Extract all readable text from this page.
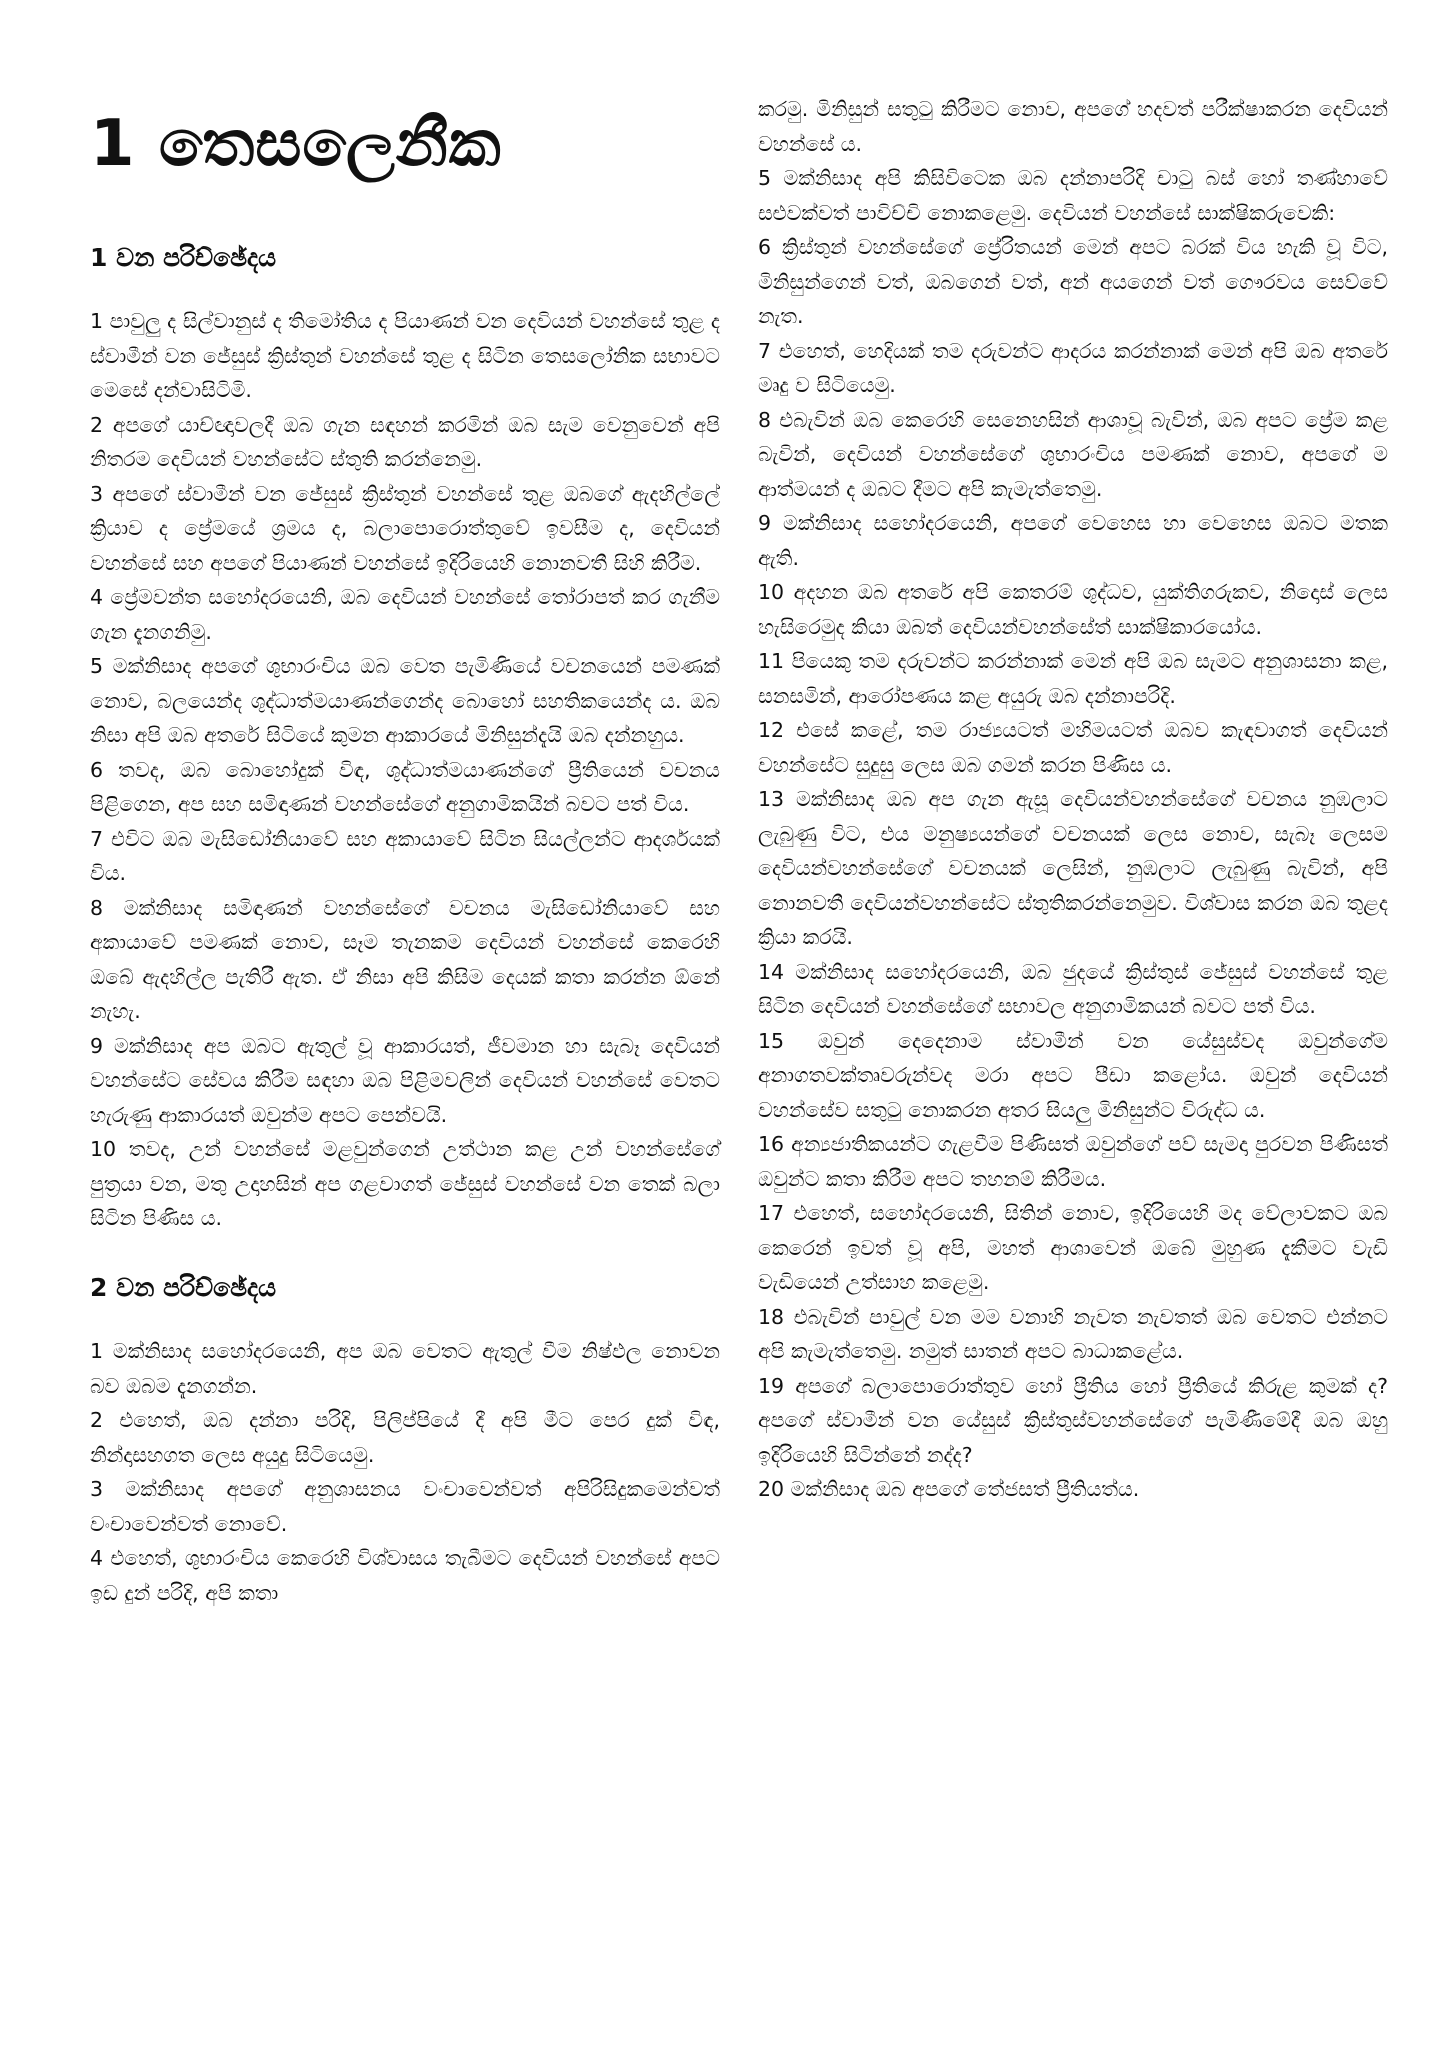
1 තෙසලෙනීක
1 වන පරිච්ඡේදය

1 පාවුලු ද සිල්වානුස් ද තිමෝතිය ද පියාණන් වන දෙවියන් වහන්සේ තුළ ද ස්වාමීන් වන ජේසුස් ක්‍රිස්තුන් වහන්සේ තුළ ද සිටින තෙසලෝනික සභාවට මෙසේ දන්වාසිටිමි.

2 අපගේ යාච්ඥාවලදී ඔබ ගැන සඳහන් කරමින් ඔබ සැම වෙනුවෙන් අපි නිතරම දෙවියන් වහන්සේට ස්තුති කරන්නෙමු.

3 අපගේ ස්වාමීන් වන ජේසුස් ක්‍රිස්තුන් වහන්සේ තුළ ඔබගේ ඇදහිල්ලේ ක්‍රියාව ද ප්‍රේමයේ ශ්‍රමය ද, බලාපොරොත්තුවේ ඉවසීම ද, දෙවියන් වහන්සේ සහ අපගේ පියාණන් වහන්සේ ඉදිරියෙහි නොනවතී සිහි කිරීම.

4 ප්‍රේමවන්ත සහෝදරයෙනි, ඔබ දෙවියන් වහන්සේ තෝරාපත් කර ගැනීම ගැන දැනගනිමු.

5 මක්නිසාද අපගේ ශුභාරංචිය ඔබ වෙත පැමිණියේ වචනයෙන් පමණක් නොව, බලයෙන්ද ශුද්ධාත්මයාණන්ගෙන්ද බොහෝ සහතිකයෙන්ද ය. ඔබ නිසා අපි ඔබ අතරේ සිටියේ කුමන ආකාරයේ මිනිසුන්දැයි ඔබ දන්නහුය.

6 තවද, ඔබ බොහෝදුක් විඳ, ශුද්ධාත්මයාණන්ගේ ප්‍රීතියෙන් වචනය පිළිගෙන, අප සහ සමිඳාණන් වහන්සේගේ අනුගාමිකයින් බවට පත් විය.

7 එවිට ඔබ මැසිඩෝනියාවේ සහ අකායාවේ සිටින සියල්ලන්ට ආදර්ශයක් විය.

8 මක්නිසාද සමිඳාණන් වහන්සේගේ වචනය මැසිඩෝනියාවේ සහ අකායාවේ පමණක් නොව, සෑම තැනකම දෙවියන් වහන්සේ කෙරෙහි ඔබේ ඇදහිල්ල පැතිරී ඇත. ඒ නිසා අපි කිසිම දෙයක් කතා කරන්න ඕනේ නැහැ.

9 මක්නිසාද අප ඔබට ඇතුල් වූ ආකාරයත්, ජීවමාන හා සැබෑ දෙවියන් වහන්සේට සේවය කිරීම සඳහා ඔබ පිළිමවලින් දෙවියන් වහන්සේ වෙතට හැරුණු ආකාරයත් ඔවුන්ම අපට පෙන්වයි.

10 තවද, උන් වහන්සේ මළවුන්ගෙන් උත්ථාන කළ උන් වහන්සේගේ පුත්‍රයා වන, මතු උදාහසින් අප ගළවාගත් ජේසුස් වහන්සේ වන තෙක් බලා සිටින පිණිස ය.

2 වන පරිච්ඡේදය

1 මක්නිසාද සහෝදරයෙනි, අප ඔබ වෙතට ඇතුල් වීම නිෂ්ඵල නොවන බව ඔබම දැනගන්න.

2 එහෙත්, ඔබ දන්නා පරිදි, පිලිප්පියේ දී අපි මීට පෙර දුක් විඳ, නින්දාසහගත ලෙස අයුදු සිටියෙමු.

3 මක්නිසාද අපගේ අනුශාසනය වංචාවෙන්වත් අපිරිසිදුකමෙන්වත් වංචාවෙන්වත් නොවේ.

4 එහෙත්, ශුභාරංචිය කෙරෙහි විශ්වාසය තැබීමට දෙවියන් වහන්සේ අපට ඉඩ දුන් පරිදි, අපි කතා

කරමු. මිනිසුන් සතුටු කිරීමට නොව, අපගේ හදවත් පරීක්ෂාකරන දෙවියන් වහන්සේ ය.

5 මක්නිසාද අපි කිසිවිටෙක ඔබ දන්නාපරිදි චාටු බස් හෝ තණ්හාවේ සළුවක්වත් පාවිච්චි නොකළෙමු. දෙවියන් වහන්සේ සාක්ෂිකරුවෙකි:

6 ක්‍රිස්තුන් වහන්සේගේ ප්‍රේරිතයන් මෙන් අපට බරක් විය හැකි වූ විට, මිනිසුන්ගෙන් වත්, ඔබගෙන් වත්, අන් අයගෙන් වත් ගෞරවය සෙව්වේ නැත.

7 එහෙත්, හෙදියක් තම දරුවන්ට ආදරය කරන්නාක් මෙන් අපි ඔබ අතරේ මෘදු ව සිටියෙමු.

8 එබැවින් ඔබ කෙරෙහි සෙනෙහසින් ආශාවූ බැවින්, ඔබ අපට ප්‍රේම කළ බැවින්, දෙවියන් වහන්සේගේ ශුභාරංචිය පමණක් නොව, අපගේ ම ආත්මයන් ද ඔබට දීමට අපි කැමැත්තෙමු.

9 මක්නිසාද සහෝදරයෙනි, අපගේ වෙහෙස හා වෙහෙස ඔබට මතක ඇති.

10 අදහන ඔබ අතරේ අපි කෙතරම් ශුද්ධව, යුක්තිගරුකව, නිදොස් ලෙස හැසිරෙමුද කියා ඔබත් දෙවියන්වහන්සේත් සාක්ෂිකාරයෝය.

11 පියෙකු තම දරුවන්ට කරන්නාක් මෙන් අපි ඔබ සැමට අනුශාසනා කළ, සනසමින්, ආරෝපණය කළ අයුරු ඔබ දන්නාපරිදි.

12 එසේ කළේ, තම රාජ්‍යයටත් මහිමයටත් ඔබව කැඳවාගත් දෙවියන් වහන්සේට සුදුසු ලෙස ඔබ ගමන් කරන පිණිස ය.

13 මක්නිසාද ඔබ අප ගැන ඇසූ දෙවියන්වහන්සේගේ වචනය නුඹලාට ලැබුණු විට, එය මනුෂ්‍යයන්ගේ වචනයක් ලෙස නොව, සැබෑ ලෙසම දෙවියන්වහන්සේගේ වචනයක් ලෙසින්, නුඹලාට ලැබුණු බැවින්, අපි නොනවතී දෙවියන්වහන්සේට ස්තුතිකරන්නෙමුව. විශ්වාස කරන ඔබ තුළද ක්‍රියා කරයි.

14 මක්නිසාද සහෝදරයෙනි, ඔබ ජුදයේ ක්‍රිස්තුස් ජේසුස් වහන්සේ තුළ සිටින දෙවියන් වහන්සේගේ සභාවල අනුගාමිකයන් බවට පත් විය.

15 ඔවුන් දෙදෙනාම ස්වාමීන් වන යේසුස්වද ඔවුන්ගේම අනාගතවක්තෘවරුන්වද මරා අපට පීඩා කළෝය. ඔවුන් දෙවියන් වහන්සේව සතුටු නොකරන අතර සියලු මිනිසුන්ට විරුද්ධ ය.

16 අන්‍යජාතිකයන්ට ගැළවීම පිණිසත් ඔවුන්ගේ පව් සැමදා පුරවන පිණිසත් ඔවුන්ට කතා කිරීම අපට තහනම් කිරීමය.

17 එහෙත්, සහෝදරයෙනි, සිතින් නොව, ඉදිරියෙහි මද වේලාවකට ඔබ කෙරෙන් ඉවත් වූ අපි, මහත් ආශාවෙන් ඔබේ මුහුණ දැකීමට වැඩි වැඩියෙන් උත්සාහ කළෙමු.

18 එබැවින් පාවුල් වන මම වනාහි නැවත නැවතත් ඔබ වෙතට එන්නට අපි කැමැත්තෙමු. නමුත් සාතන් අපට බාධාකළේය.

19 අපගේ බලාපොරොත්තුව හෝ ප්‍රීතිය හෝ ප්‍රීතියේ කිරුළ කුමක් ද? අපගේ ස්වාමීන් වන යේසුස් ක්‍රිස්තුස්වහන්සේගේ පැමිණීමේදී ඔබ ඔහු ඉදිරියෙහි සිටින්නේ නද්ද?

20 මක්නිසාද ඔබ අපගේ තේජසත් ප්‍රීතියත්ය.
